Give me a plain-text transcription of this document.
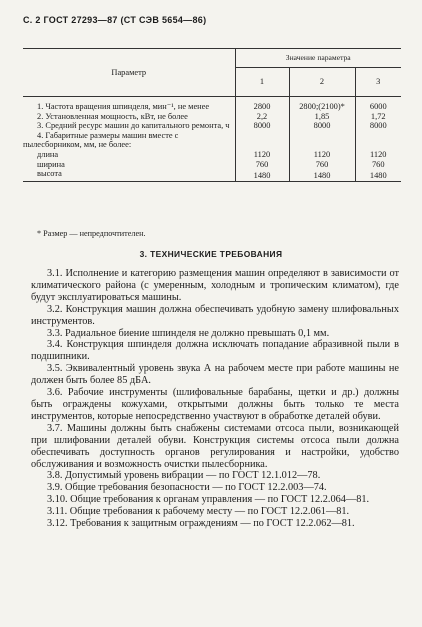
С. 2 ГОСТ 27293—87 (СТ СЭВ 5654—86)
Параметр	Значение параметра		
	1	2	3

1. Частота вращения шпинделя, мин⁻¹, не менее	2800	2800;(2100)*	6000
2. Установленная мощность, кВт, не более	2,2	1,85	1,72
3. Средний ресурс машин до капитального ремонта, ч	8000	8000	8000
4. Габаритные размеры машин вместе с пылесборником, мм, не более:			
длина	1120	1120	1120
ширина	760	760	760
высота	1480	1480	1480
* Размер — непредпочтителен.
3. ТЕХНИЧЕСКИЕ ТРЕБОВАНИЯ

3.1. Исполнение и категорию размещения машин определяют в зависимости от климатического района (с умеренным, холодным и тропическим климатом), где будут эксплуатироваться машины.

3.2. Конструкция машин должна обеспечивать удобную замену шлифовальных инструментов.

3.3. Радиальное биение шпинделя не должно превышать 0,1 мм.

3.4. Конструкция шпинделя должна исключать попадание абразивной пыли в подшипники.

3.5. Эквивалентный уровень звука А на рабочем месте при работе машины не должен быть более 85 дБА.

3.6. Рабочие инструменты (шлифовальные барабаны, щетки и др.) должны быть ограждены кожухами, открытыми должны быть только те места инструментов, которые непосредственно участвуют в обработке деталей обуви.

3.7. Машины должны быть снабжены системами отсоса пыли, возникающей при шлифовании деталей обуви. Конструкция системы отсоса пыли должна обеспечивать доступность органов регулирования и настройки, удобство обслуживания и возможность очистки пылесборника.

3.8. Допустимый уровень вибрации — по ГОСТ 12.1.012—78.

3.9. Общие требования безопасности — по ГОСТ 12.2.003—74.

3.10. Общие требования к органам управления — по ГОСТ 12.2.064—81.

3.11. Общие требования к рабочему месту — по ГОСТ 12.2.061—81.

3.12. Требования к защитным ограждениям — по ГОСТ 12.2.062—81.
